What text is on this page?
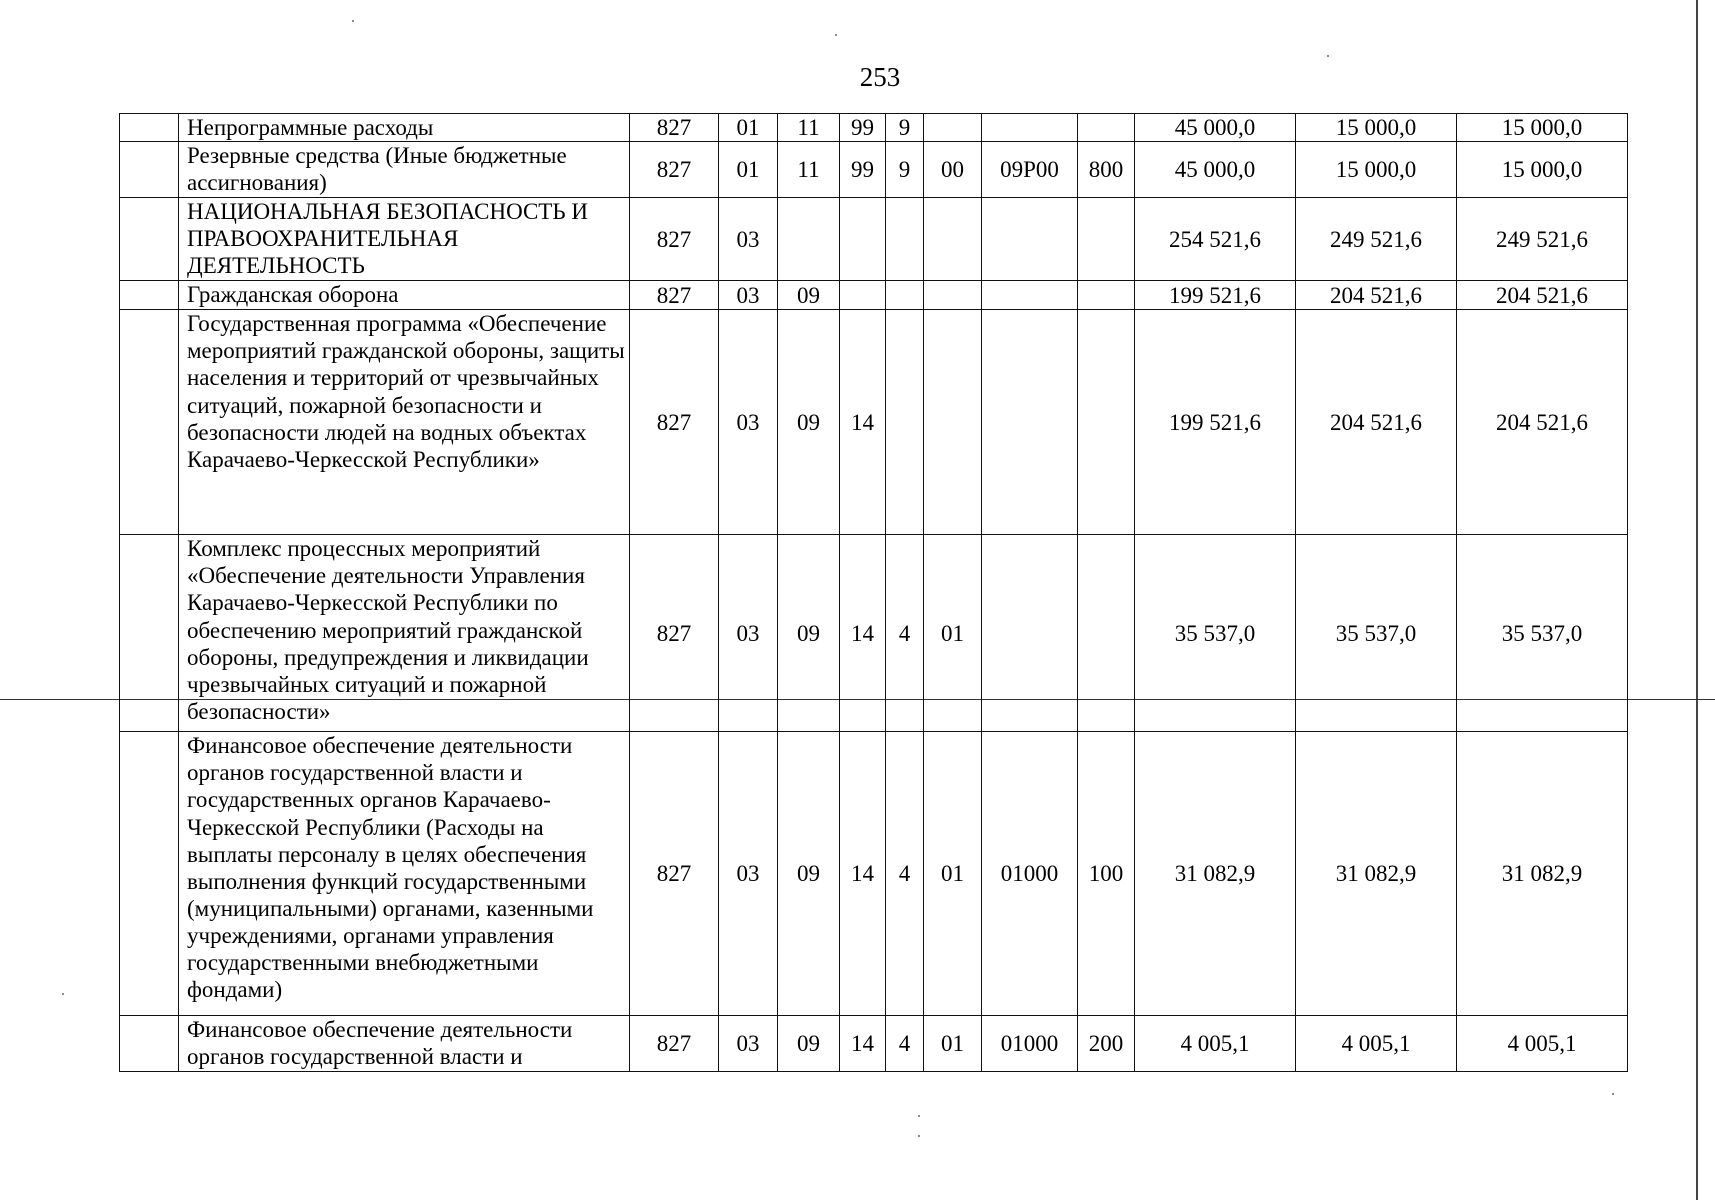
253
	Непрограммные расходы	827	01	11	99	9				45 000,0	15 000,0	15 000,0
	Резервные средства (Иные бюджетные ассигнования)	827	01	11	99	9	00	09Р00	800	45 000,0	15 000,0	15 000,0
	НАЦИОНАЛЬНАЯ БЕЗОПАСНОСТЬ И ПРАВООХРАНИТЕЛЬНАЯ ДЕЯТЕЛЬНОСТЬ	827	03							254 521,6	249 521,6	249 521,6
	Гражданская оборона	827	03	09						199 521,6	204 521,6	204 521,6
	Государственная программа «Обеспечение мероприятий гражданской обороны, защиты населения и территорий от чрезвычайных ситуаций, пожарной безопасности и безопасности людей на водных объектах Карачаево-Черкесской Республики»	827	03	09	14					199 521,6	204 521,6	204 521,6
	Комплекс процессных мероприятий «Обеспечение деятельности Управления Карачаево-Черкесской Республики по обеспечению мероприятий гражданской обороны, предупреждения и ликвидации чрезвычайных ситуаций и пожарной безопасности»	827	03	09	14	4	01			35 537,0	35 537,0	35 537,0
	Финансовое обеспечение деятельности органов государственной власти и государственных органов Карачаево-Черкесской Республики (Расходы на выплаты персоналу в целях обеспечения выполнения функций государственными (муниципальными) органами, казенными учреждениями, органами управления государственными внебюджетными фондами)	827	03	09	14	4	01	01000	100	31 082,9	31 082,9	31 082,9
	Финансовое обеспечение деятельности органов государственной власти и	827	03	09	14	4	01	01000	200	4 005,1	4 005,1	4 005,1
